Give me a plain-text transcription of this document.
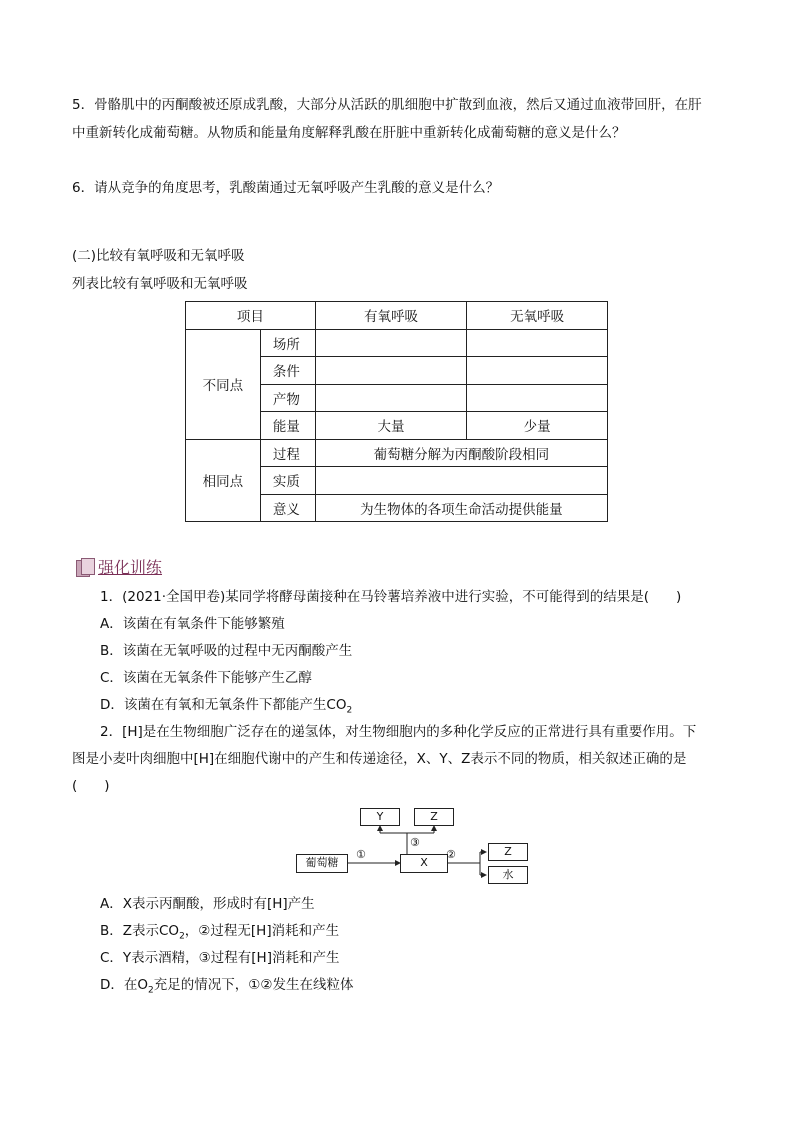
5．骨骼肌中的丙酮酸被还原成乳酸，大部分从活跃的肌细胞中扩散到血液，然后又通过血液带回肝，在肝
中重新转化成葡萄糖。从物质和能量角度解释乳酸在肝脏中重新转化成葡萄糖的意义是什么？
6．请从竞争的角度思考，乳酸菌通过无氧呼吸产生乳酸的意义是什么？
(二)比较有氧呼吸和无氧呼吸
列表比较有氧呼吸和无氧呼吸
项目		有氧呼吸	无氧呼吸
不同点	场所		
	条件		
	产物		
	能量	大量	少量
相同点	过程	葡萄糖分解为丙酮酸阶段相同	
	实质		
	意义	为生物体的各项生命活动提供能量	
强化训练
1．(2021·全国甲卷)某同学将酵母菌接种在马铃薯培养液中进行实验，不可能得到的结果是(　　)
A．该菌在有氧条件下能够繁殖
B．该菌在无氧呼吸的过程中无丙酮酸产生
C．该菌在无氧条件下能够产生乙醇
D．该菌在有氧和无氧条件下都能产生$CO_2$
2．[H]是在生物细胞广泛存在的递氢体，对生物细胞内的多种化学反应的正常进行具有重要作用。下
图是小麦叶肉细胞中[H]在细胞代谢中的产生和传递途径，X、Y、Z表示不同的物质，相关叙述正确的是
(　　)
葡萄糖	X
Y	Z
Z
水
①
③
②
A．X表示丙酮酸，形成时有[H]产生
B．Z表示$CO_2$，②过程无[H]消耗和产生
C．Y表示酒精，③过程有[H]消耗和产生
D．在$O_2$充足的情况下，①②发生在线粒体
